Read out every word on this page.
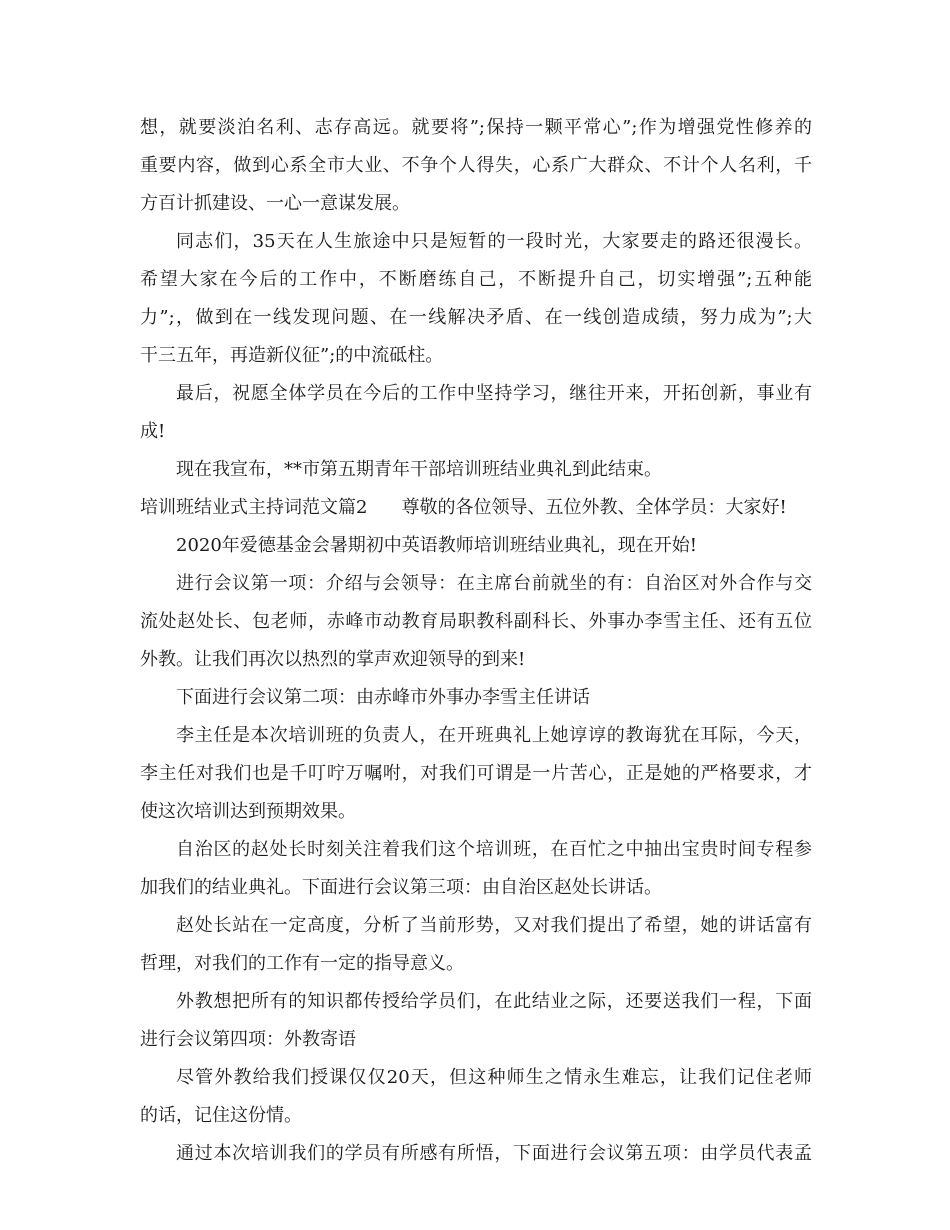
想，就要淡泊名利、志存高远。就要将”;保持一颗平常心”;作为增强党性修养的
重要内容，做到心系全市大业、不争个人得失，心系广大群众、不计个人名利，千
方百计抓建设、一心一意谋发展。
同志们，35天在人生旅途中只是短暂的一段时光，大家要走的路还很漫长。
希望大家在今后的工作中，不断磨练自己，不断提升自己，切实增强”;五种能
力”;，做到在一线发现问题、在一线解决矛盾、在一线创造成绩，努力成为”;大
干三五年，再造新仪征”;的中流砥柱。
最后，祝愿全体学员在今后的工作中坚持学习，继往开来，开拓创新，事业有
成!
现在我宣布，**市第五期青年干部培训班结业典礼到此结束。
培训班结业式主持词范文篇2 尊敬的各位领导、五位外教、全体学员：大家好!
2020年爱德基金会暑期初中英语教师培训班结业典礼，现在开始!
进行会议第一项：介绍与会领导：在主席台前就坐的有：自治区对外合作与交
流处赵处长、包老师，赤峰市动教育局职教科副科长、外事办李雪主任、还有五位
外教。让我们再次以热烈的掌声欢迎领导的到来!
下面进行会议第二项：由赤峰市外事办李雪主任讲话
李主任是本次培训班的负责人，在开班典礼上她谆谆的教诲犹在耳际，今天，
李主任对我们也是千叮咛万嘱咐，对我们可谓是一片苦心，正是她的严格要求，才
使这次培训达到预期效果。
自治区的赵处长时刻关注着我们这个培训班，在百忙之中抽出宝贵时间专程参
加我们的结业典礼。下面进行会议第三项：由自治区赵处长讲话。
赵处长站在一定高度，分析了当前形势，又对我们提出了希望，她的讲话富有
哲理，对我们的工作有一定的指导意义。
外教想把所有的知识都传授给学员们，在此结业之际，还要送我们一程，下面
进行会议第四项：外教寄语
尽管外教给我们授课仅仅20天，但这种师生之情永生难忘，让我们记住老师
的话，记住这份情。
通过本次培训我们的学员有所感有所悟，下面进行会议第五项：由学员代表孟
